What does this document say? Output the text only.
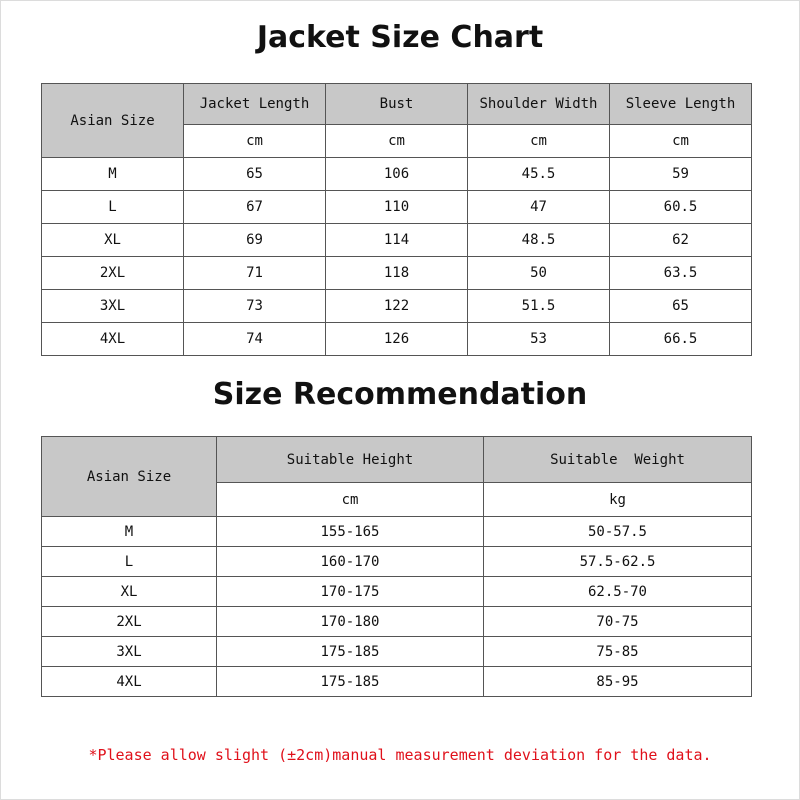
Jacket Size Chart
Asian Size	Jacket Length	Bust	Shoulder Width	Sleeve Length
	cm	cm	cm	cm
M	65	106	45.5	59
L	67	110	47	60.5
XL	69	114	48.5	62
2XL	71	118	50	63.5
3XL	73	122	51.5	65
4XL	74	126	53	66.5
Size Recommendation
Asian Size	Suitable Height	Suitable  Weight
	cm	kg
M	155-165	50-57.5
L	160-170	57.5-62.5
XL	170-175	62.5-70
2XL	170-180	70-75
3XL	175-185	75-85
4XL	175-185	85-95
*Please allow slight (±2cm)manual measurement deviation for the data.
